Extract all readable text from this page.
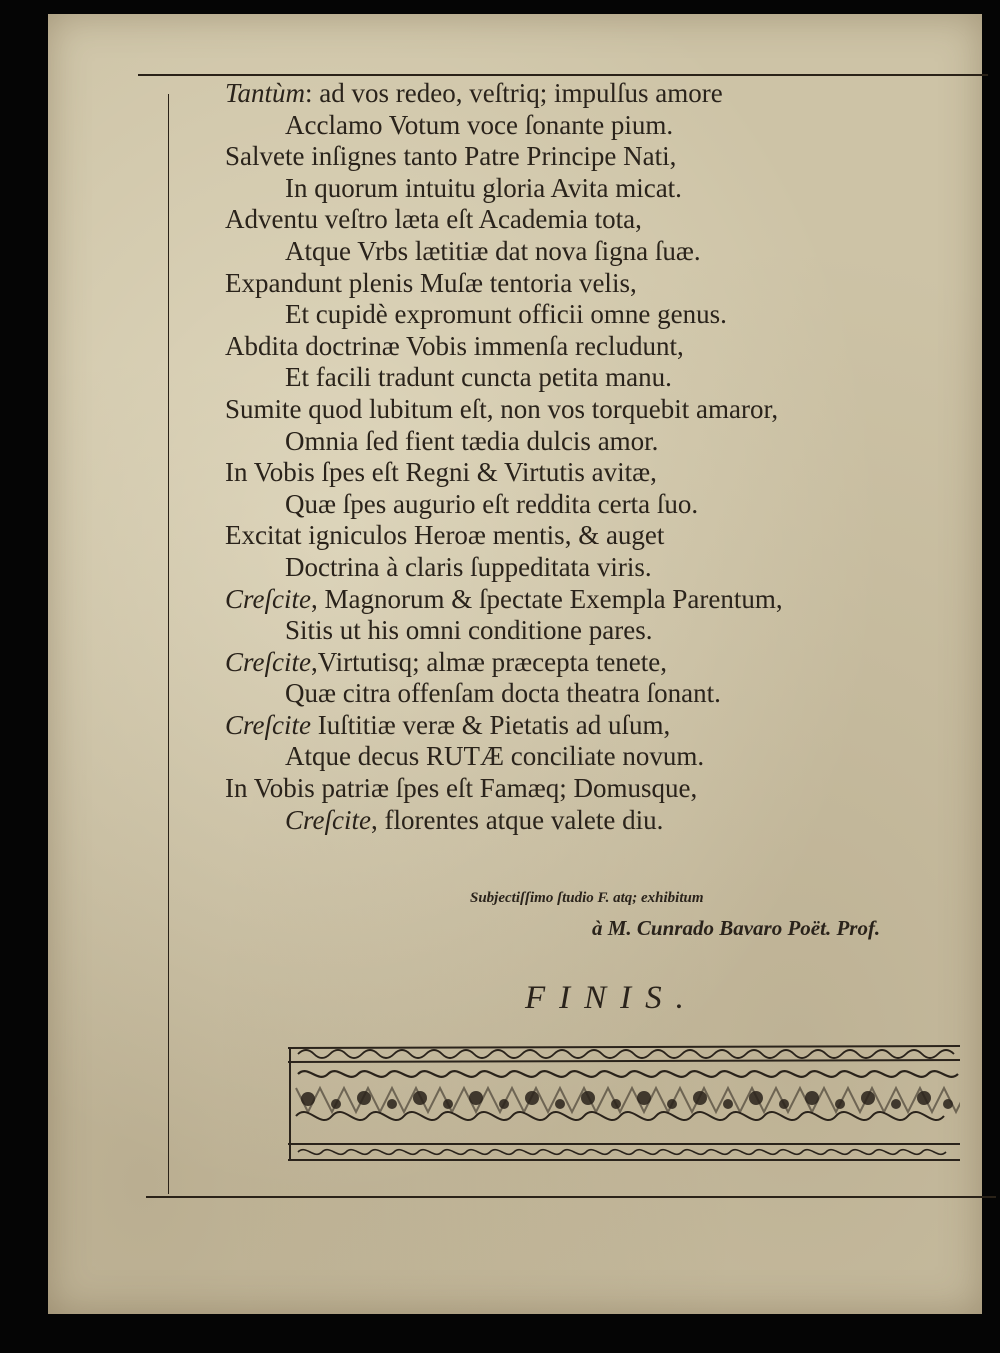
Tantùm: ad vos redeo, veſtriq; impulſus amore
Acclamo Votum voce ſonante pium.
Salvete inſignes tanto Patre Principe Nati,
In quorum intuitu gloria Avita micat.
Adventu veſtro læta eſt Academia tota,
Atque Vrbs lætitiæ dat nova ſigna ſuæ.
Expandunt plenis Muſæ tentoria velis,
Et cupidè expromunt officii omne genus.
Abdita doctrinæ Vobis immenſa recludunt,
Et facili tradunt cuncta petita manu.
Sumite quod lubitum eſt, non vos torquebit amaror,
Omnia ſed fient tædia dulcis amor.
In Vobis ſpes eſt Regni & Virtutis avitæ,
Quæ ſpes augurio eſt reddita certa ſuo.
Excitat igniculos Heroæ mentis, & auget
Doctrina à claris ſuppeditata viris.
Creſcite, Magnorum & ſpectate Exempla Parentum,
Sitis ut his omni conditione pares.
Creſcite,Virtutisq; almæ præcepta tenete,
Quæ citra offenſam docta theatra ſonant.
Creſcite Iuſtitiæ veræ & Pietatis ad uſum,
Atque decus RUTÆ conciliate novum.
In Vobis patriæ ſpes eſt Famæq; Domusque,
Creſcite, florentes atque valete diu.
Subjectiſſimo ſtudio F. atq; exhibitum
à M. Cunrado Bavaro Poët. Prof.
FINIS.
